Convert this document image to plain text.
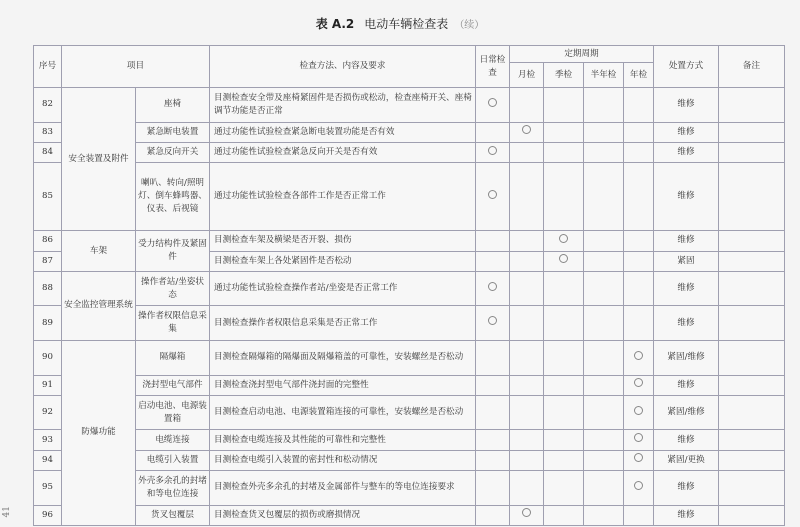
表 A.2 电动车辆检查表 （续）
41
序号	项目		检查方法、内容及要求	日常检查	定期周期				处置方式	备注
					月检	季检	半年检	年检		
82	安全装置及附件	座椅	目测检查安全带及座椅紧固件是否损伤或松动，检查座椅开关、座椅调节功能是否正常						维修	
83		紧急断电装置	通过功能性试验检查紧急断电装置功能是否有效						维修	
84		紧急反向开关	通过功能性试验检查紧急反向开关是否有效						维修	
85		喇叭、转向/照明灯、倒车蜂鸣器、仪表、后视镜	通过功能性试验检查各部件工作是否正常工作						维修	
86	车架	受力结构件及紧固件	目测检查车架及横梁是否开裂、损伤						维修	
87			目测检查车架上各处紧固件是否松动						紧固	
88	安全监控管理系统	操作者站/坐姿状态	通过功能性试验检查操作者站/坐姿是否正常工作						维修	
89		操作者权限信息采集	目测检查操作者权限信息采集是否正常工作						维修	
90	防爆功能	隔爆箱	目测检查隔爆箱的隔爆面及隔爆箱盖的可靠性，安装螺丝是否松动						紧固/维修	
91		浇封型电气部件	目测检查浇封型电气部件浇封面的完整性						维修	
92		启动电池、电源装置箱	目测检查启动电池、电源装置箱连接的可靠性，安装螺丝是否松动						紧固/维修	
93		电缆连接	目测检查电缆连接及其性能的可靠性和完整性						维修	
94		电缆引入装置	目测检查电缆引入装置的密封性和松动情况						紧固/更换	
95		外壳多余孔的封堵和等电位连接	目测检查外壳多余孔的封堵及金属部件与整车的等电位连接要求						维修	
96		货叉包覆层	目测检查货叉包覆层的损伤或磨损情况						维修	
